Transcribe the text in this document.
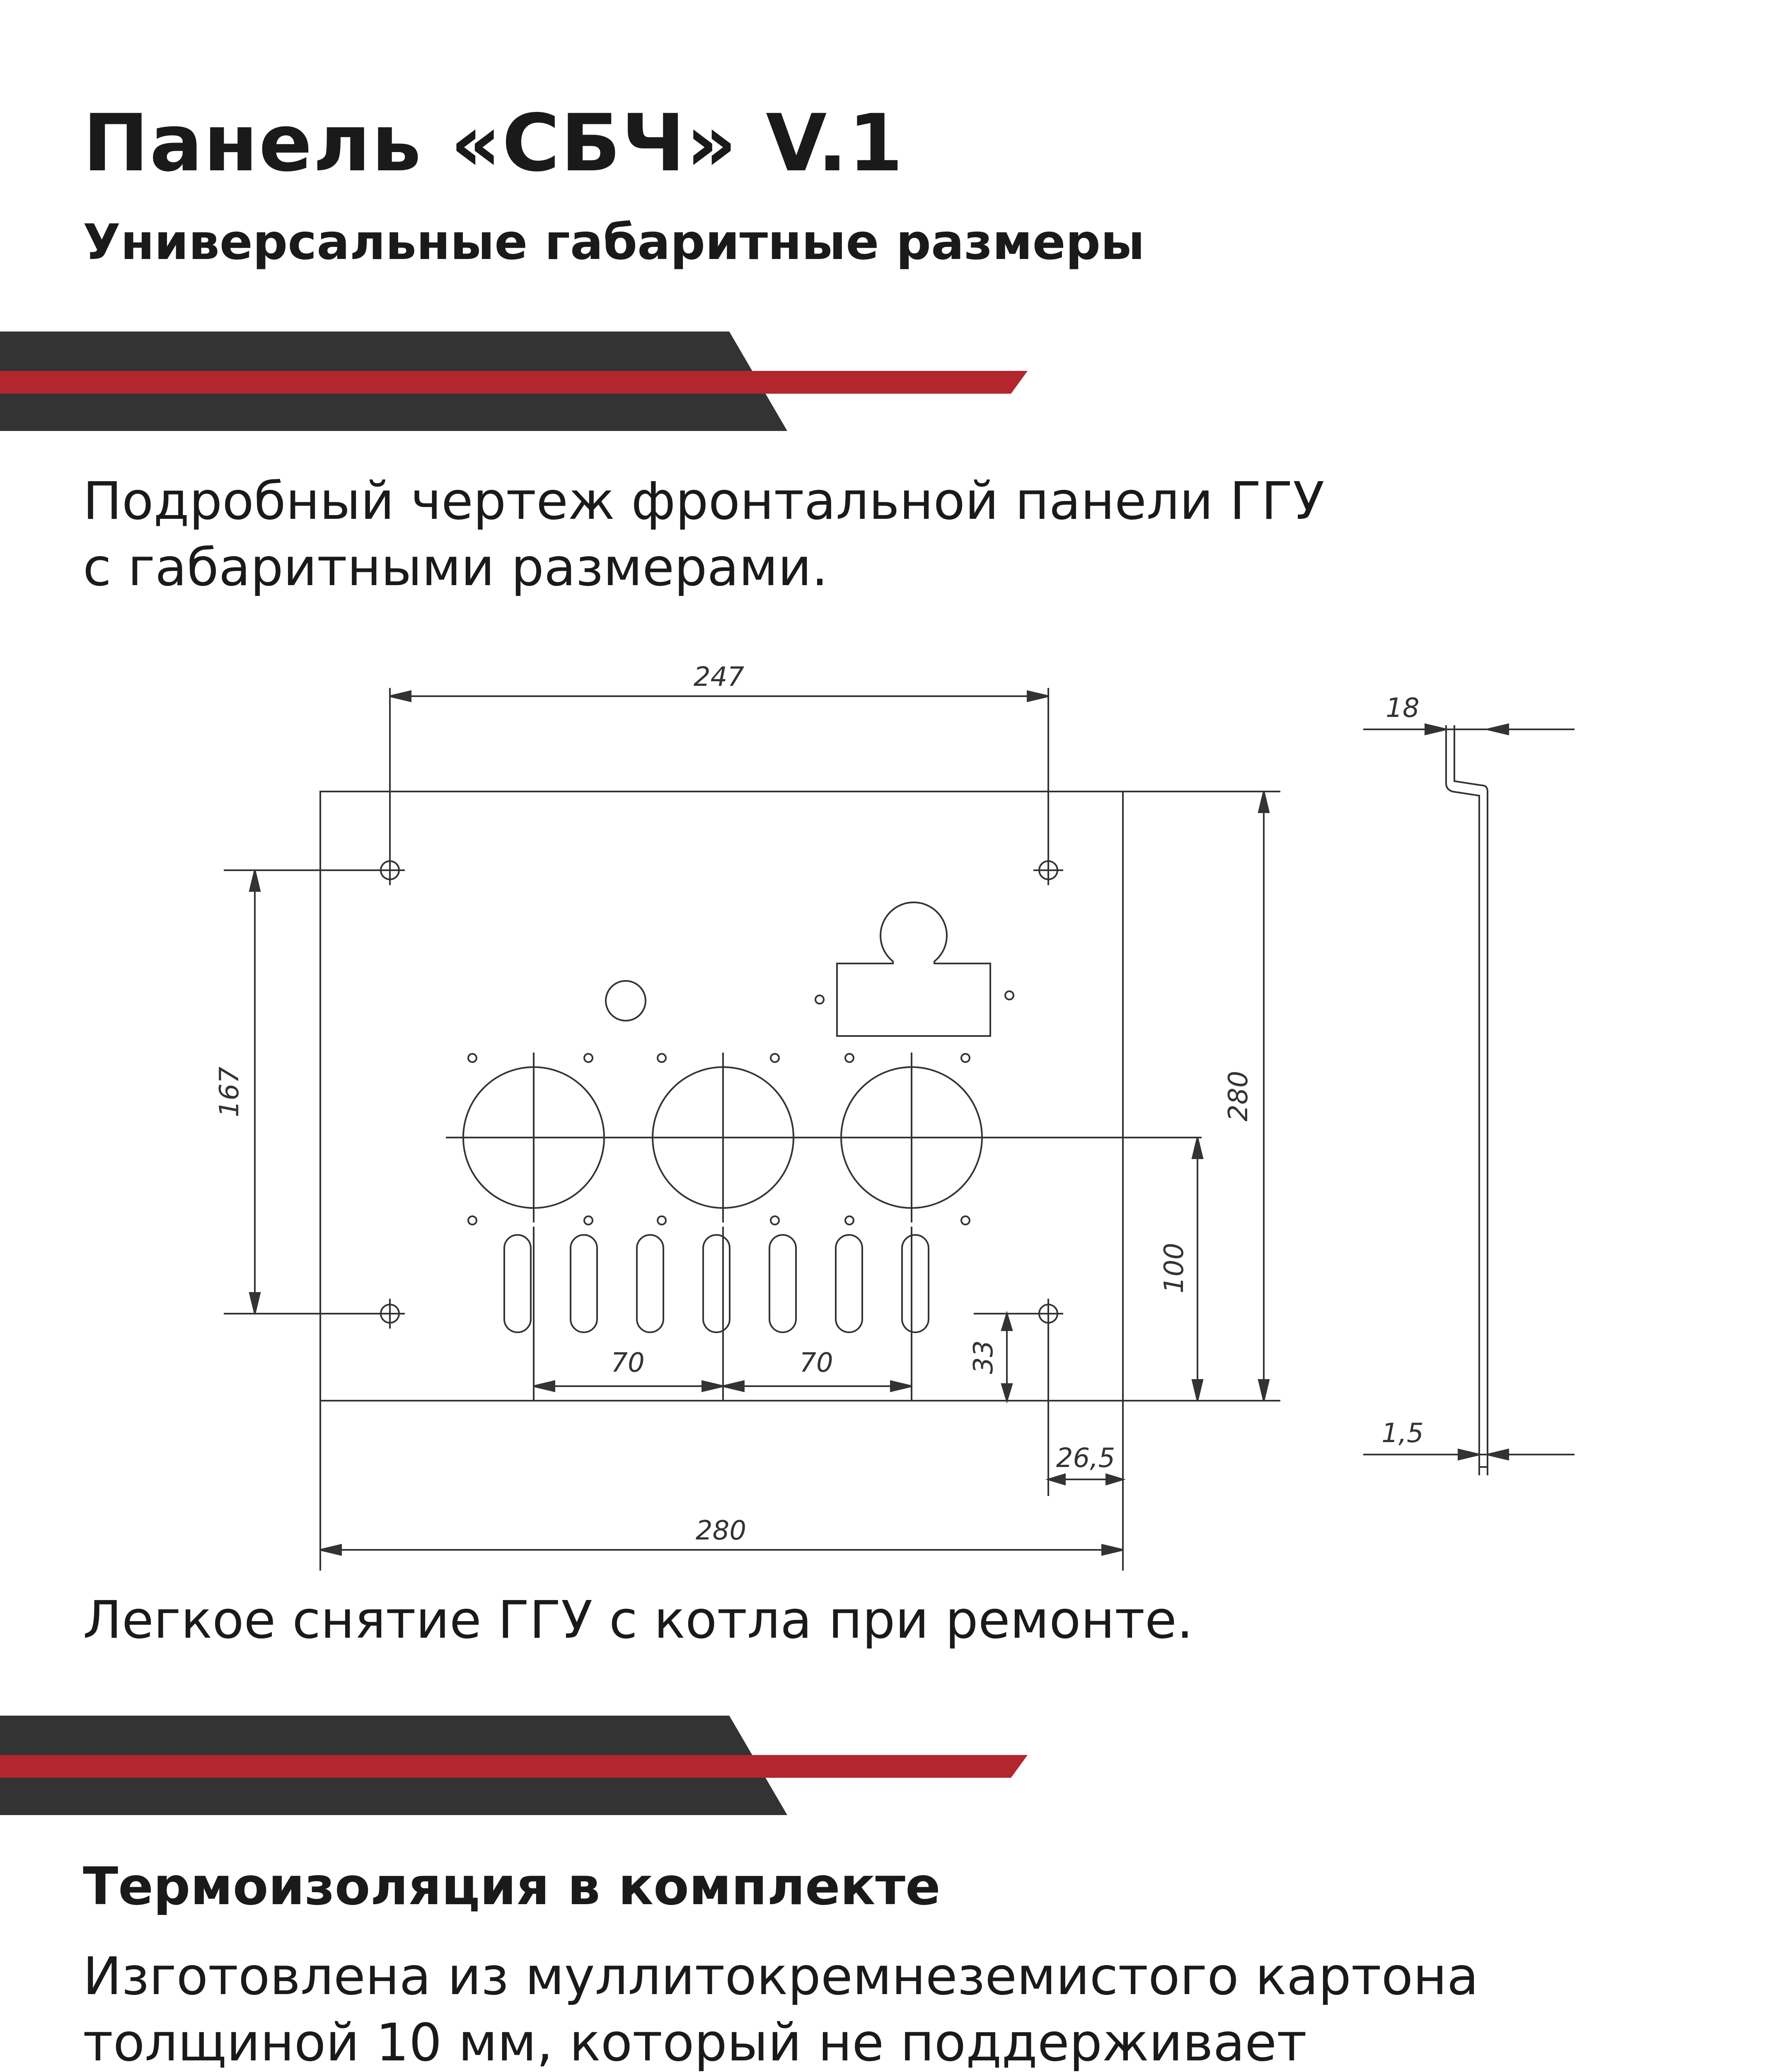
Панель «СБЧ» V.1
Универсальные габаритные размеры
Подробный чертеж фронтальной панели ГГУ
с габаритными размерами.
247
167	280
100
70	70	33
26,5
280
18
1,5
Легкое снятие ГГУ с котла при ремонте.
Термоизоляция в комплекте
Изготовлена из муллитокремнеземистого картона
толщиной 10 мм, который не поддерживает
